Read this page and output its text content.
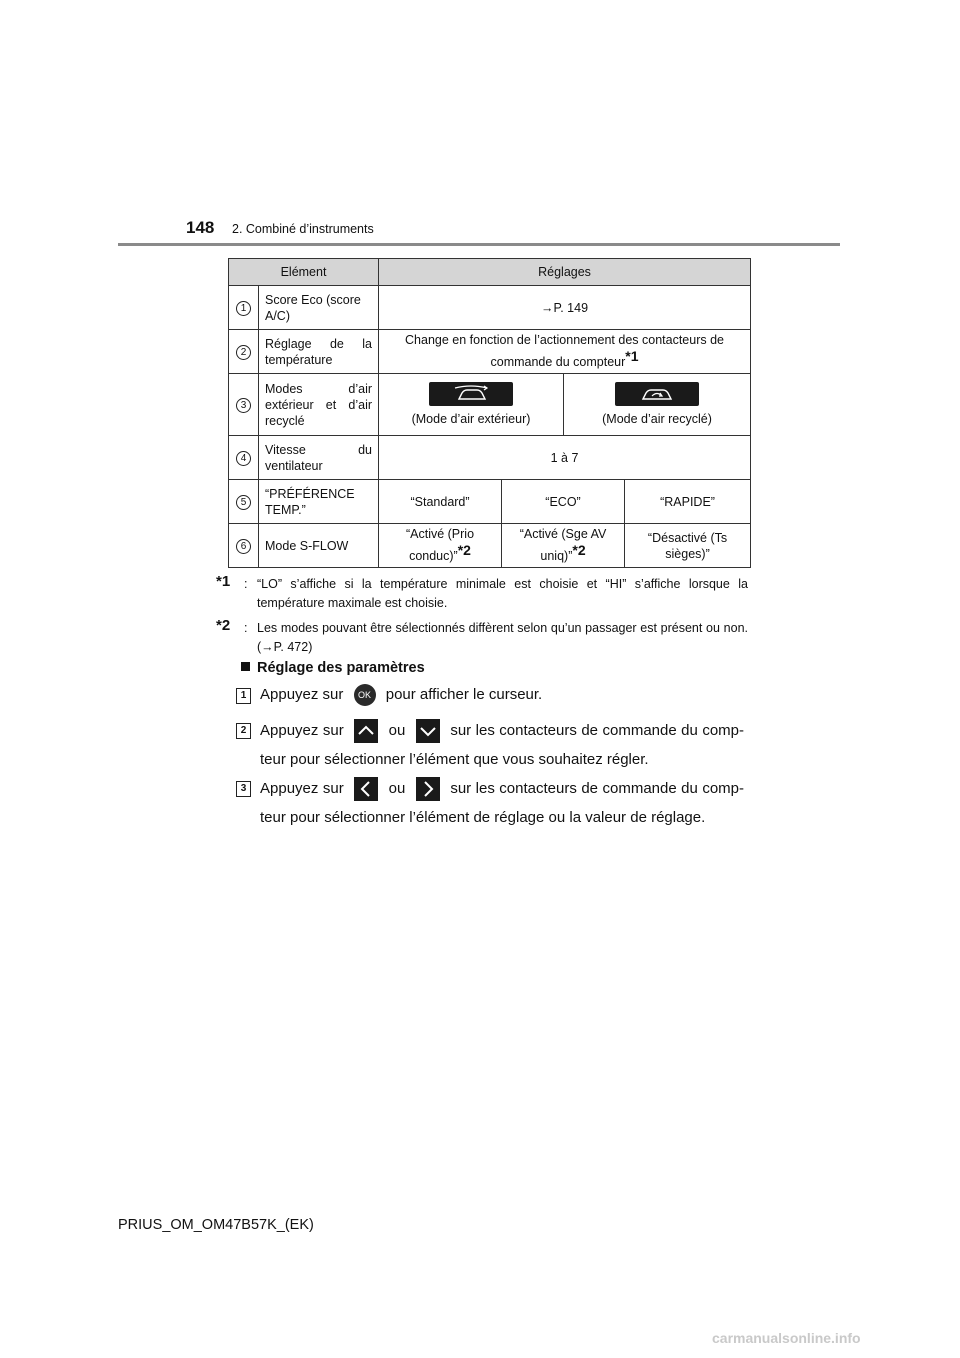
148 2. Combiné d’instruments
Elément		Réglages			
1	Score Eco (score A/C)	→P. 149			
2	Réglage de la température	Change en fonction de l’actionnement des contacteurs de commande du compteur$^{*1}$
3	Modes d’air extérieur et d’air recyclé	(Mode d’air extérieur)		(Mode d’air recyclé)	
4	Vitesse du ventilateur	1 à 7			
5	“PRÉFÉRENCE TEMP.”	“Standard”	“ECO”		“RAPIDE”
6	Mode S-FLOW	“Activé (Prio conduc)”$^{*2}$	“Activé (Sge AV uniq)”$^{*2}$		“Désactivé (Ts sièges)”
*1 : “LO” s’affiche si la température minimale est choisie et “HI” s’affiche lorsque la température maximale est choisie.
*2 : Les modes pouvant être sélectionnés diffèrent selon qu’un passager est présent ou non. (→P. 472)
Réglage des paramètres
1 Appuyez sur OK pour afficher le curseur.
2 Appuyez sur	ou	sur les contacteurs de commande du comp-
teur pour sélectionner l’élément que vous souhaitez régler.
3 Appuyez sur	ou	sur les contacteurs de commande du comp-
teur pour sélectionner l’élément de réglage ou la valeur de réglage.
PRIUS_OM_OM47B57K_(EK)
carmanualsonline.info
